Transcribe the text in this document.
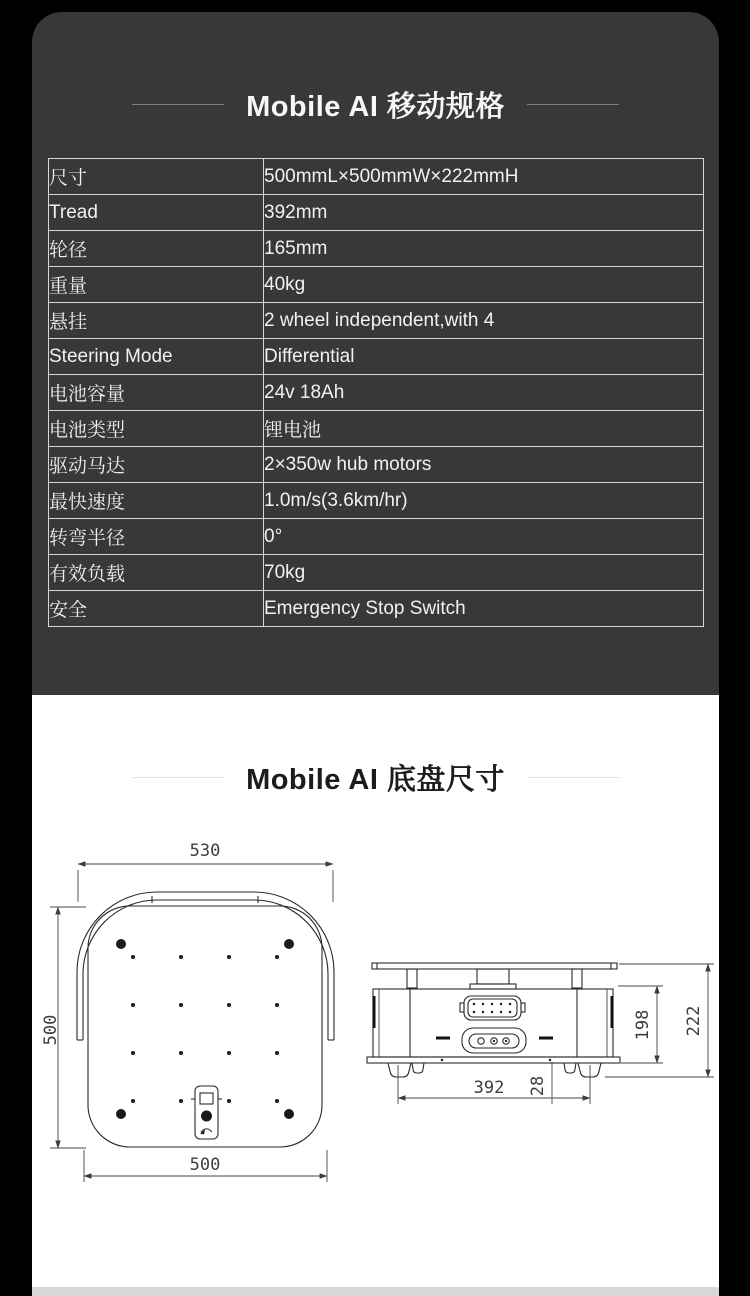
Mobile AI 移动规格
尺寸	500mmL×500mmW×222mmH
Tread	392mm
轮径	165mm
重量	40kg
悬挂	2 wheel independent,with 4
Steering Mode	Differential
电池容量	24v 18Ah
电池类型	锂电池
驱动马达	2×350w hub motors
最快速度	1.0m/s(3.6km/hr)
转弯半径	0°
有效负载	70kg
安全	Emergency Stop Switch
Mobile AI 底盘尺寸
530
500
500	198 222
392 28
